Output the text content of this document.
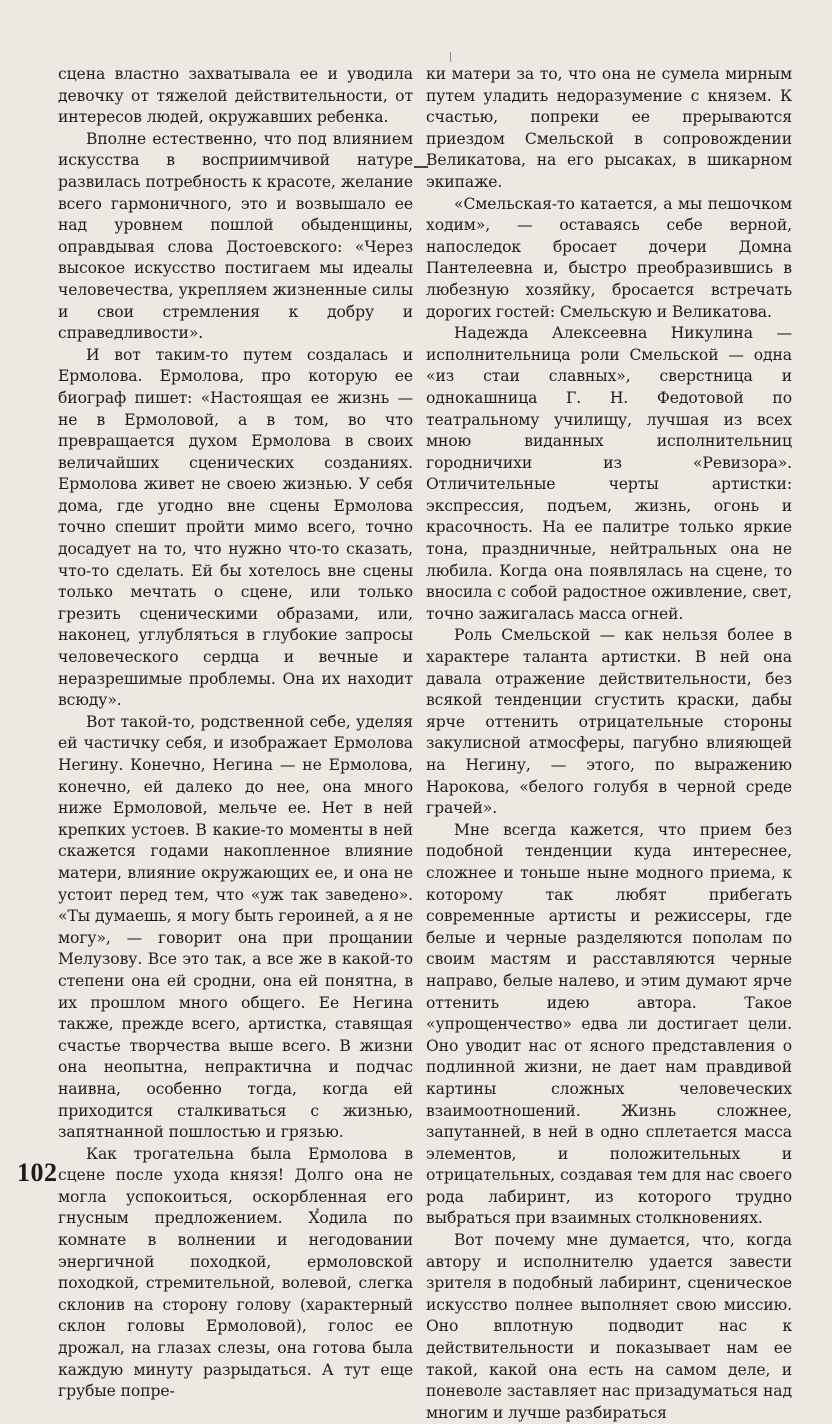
сцена властно захватывала ее и уводила девочку от тяжелой действительности, от интересов людей, окружавших ребенка.

Вполне естественно, что под влиянием искусства в восприимчивой натуре развилась потребность к красоте, желание всего гармоничного, это и возвышало ее над уровнем пошлой обыденщины, оправдывая слова Достоевского: «Через высокое искусство постигаем мы идеалы человечества, укрепляем жизненные силы и свои стремления к добру и справедливости».

И вот таким-то путем создалась и Ермолова. Ермолова, про которую ее биограф пишет: «Настоящая ее жизнь — не в Ермоловой, а в том, во что превращается духом Ермолова в своих величайших сценических созданиях. Ермолова живет не своею жизнью. У себя дома, где угодно вне сцены Ермолова точно спешит пройти мимо всего, точно досадует на то, что нужно что-то сказать, что-то сделать. Ей бы хотелось вне сцены только мечтать о сцене, или только грезить сценическими образами, или, наконец, углубляться в глубокие запросы человеческого сердца и вечные и неразрешимые проблемы. Она их находит всюду».

Вот такой-то, родственной себе, уделяя ей частичку себя, и изображает Ермолова Негину. Конечно, Негина — не Ермолова, конечно, ей далеко до нее, она много ниже Ермоловой, мельче ее. Нет в ней крепких устоев. В какие-то моменты в ней скажется годами накопленное влияние матери, влияние окружающих ее, и она не устоит перед тем, что «уж так заведено». «Ты думаешь, я могу быть героиней, а я не могу», — говорит она при прощании Мелузову. Все это так, а все же в какой-то степени она ей сродни, она ей понятна, в их прошлом много общего. Ее Негина также, прежде всего, артистка, ставящая счастье творчества выше всего. В жизни она неопытна, непрактична и подчас наивна, особенно тогда, когда ей приходится сталкиваться с жизнью, запятнанной пошлостью и грязью.

Как трогательна была Ермолова в сцене после ухода князя! Долго она не могла успокоиться, оскорбленная его гнусным предложением. Ходила по комнате в волнении и негодовании энергичной походкой, ермоловской походкой, стремительной, волевой, слегка склонив на сторону голову (характерный склон головы Ермоловой), голос ее дрожал, на глазах слезы, она готова была каждую минуту разрыдаться. А тут еще грубые попре-

ки матери за то, что она не сумела мирным путем уладить недоразумение с князем. К счастью, попреки ее прерываются приездом Смельской в сопровождении Великатова, на его рысаках, в шикарном экипаже.

«Смельская-то катается, а мы пешочком ходим», — оставаясь себе верной, напоследок бросает дочери Домна Пантелеевна и, быстро преобразившись в любезную хозяйку, бросается встречать дорогих гостей: Смельскую и Великатова.

Надежда Алексеевна Никулина — исполнительница роли Смельской — одна «из стаи славных», сверстница и однокашница Г. Н. Федотовой по театральному училищу, лучшая из всех мною виданных исполнительниц городничихи из «Ревизора». Отличительные черты артистки: экспрессия, подъем, жизнь, огонь и красочность. На ее палитре только яркие тона, праздничные, нейтральных она не любила. Когда она появлялась на сцене, то вносила с собой радостное оживление, свет, точно зажигалась масса огней.

Роль Смельской — как нельзя более в характере таланта артистки. В ней она давала отражение действительности, без всякой тенденции сгустить краски, дабы ярче оттенить отрицательные стороны закулисной атмосферы, пагубно влияющей на Негину, — этого, по выражению Нарокова, «белого голубя в черной среде грачей».

Мне всегда кажется, что прием без подобной тенденции куда интереснее, сложнее и тоньше ныне модного приема, к которому так любят прибегать современные артисты и режиссеры, где белые и черные разделяются пополам по своим мастям и расставляются черные направо, белые налево, и этим думают ярче оттенить идею автора. Такое «упрощенчество» едва ли достигает цели. Оно уводит нас от ясного представления о подлинной жизни, не дает нам правдивой картины сложных человеческих взаимоотношений. Жизнь сложнее, запутанней, в ней в одно сплетается масса элементов, и положительных и отрицательных, создавая тем для нас своего рода лабиринт, из которого трудно выбраться при взаимных столкновениях.

Вот почему мне думается, что, когда автору и исполнителю удается завести зрителя в подобный лабиринт, сценическое искусство полнее выполняет свою миссию. Оно вплотную подводит нас к действительности и показывает нам ее такой, какой она есть на самом деле, и поневоле заставляет нас призадуматься над многим и лучше разбираться

102
